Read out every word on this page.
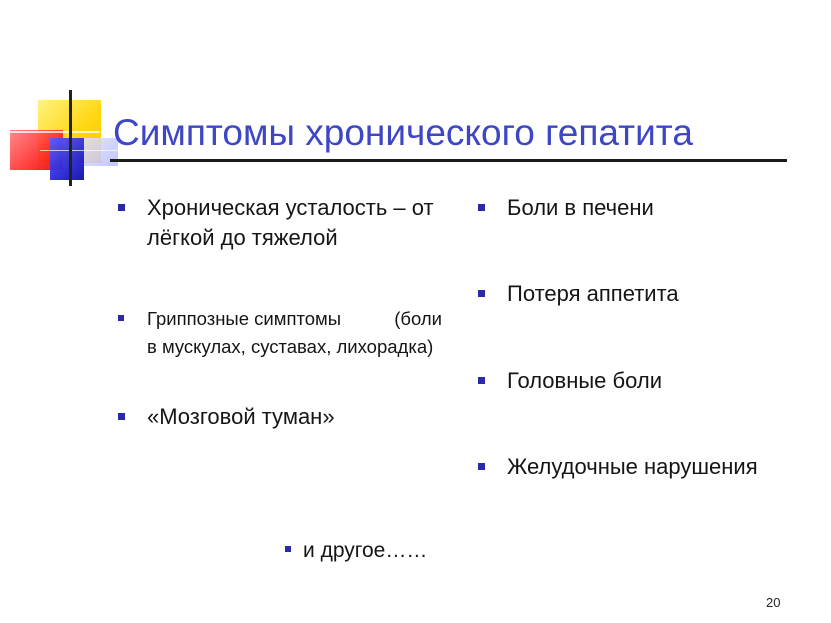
Симптомы хронического гепатита
Хроническая усталость – от
лёгкой до тяжелой
Гриппозные симптомы	(боли
в мускулах, суставах, лихорадка)
«Мозговой туман»
Боли в печени
Потеря аппетита
Головные боли
Желудочные нарушения
и другое……
20
